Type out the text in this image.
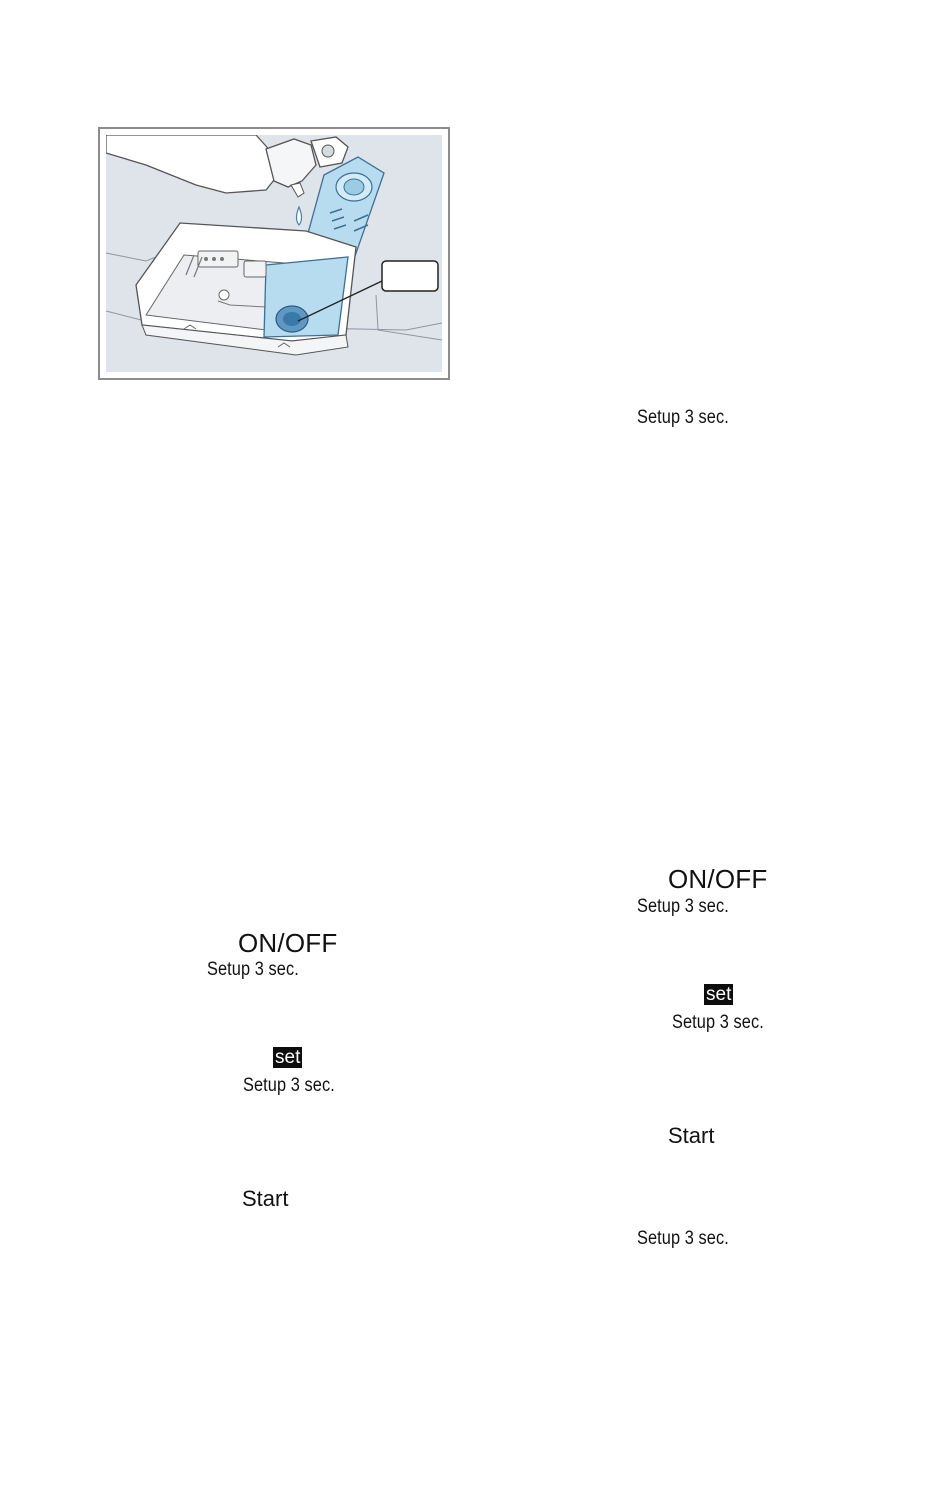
Setup 3 sec.
ON/OFF
Setup 3 sec.
set
Setup 3 sec.
Start
Setup 3 sec.
ON/OFF
Setup 3 sec.
set
Setup 3 sec.
Start
